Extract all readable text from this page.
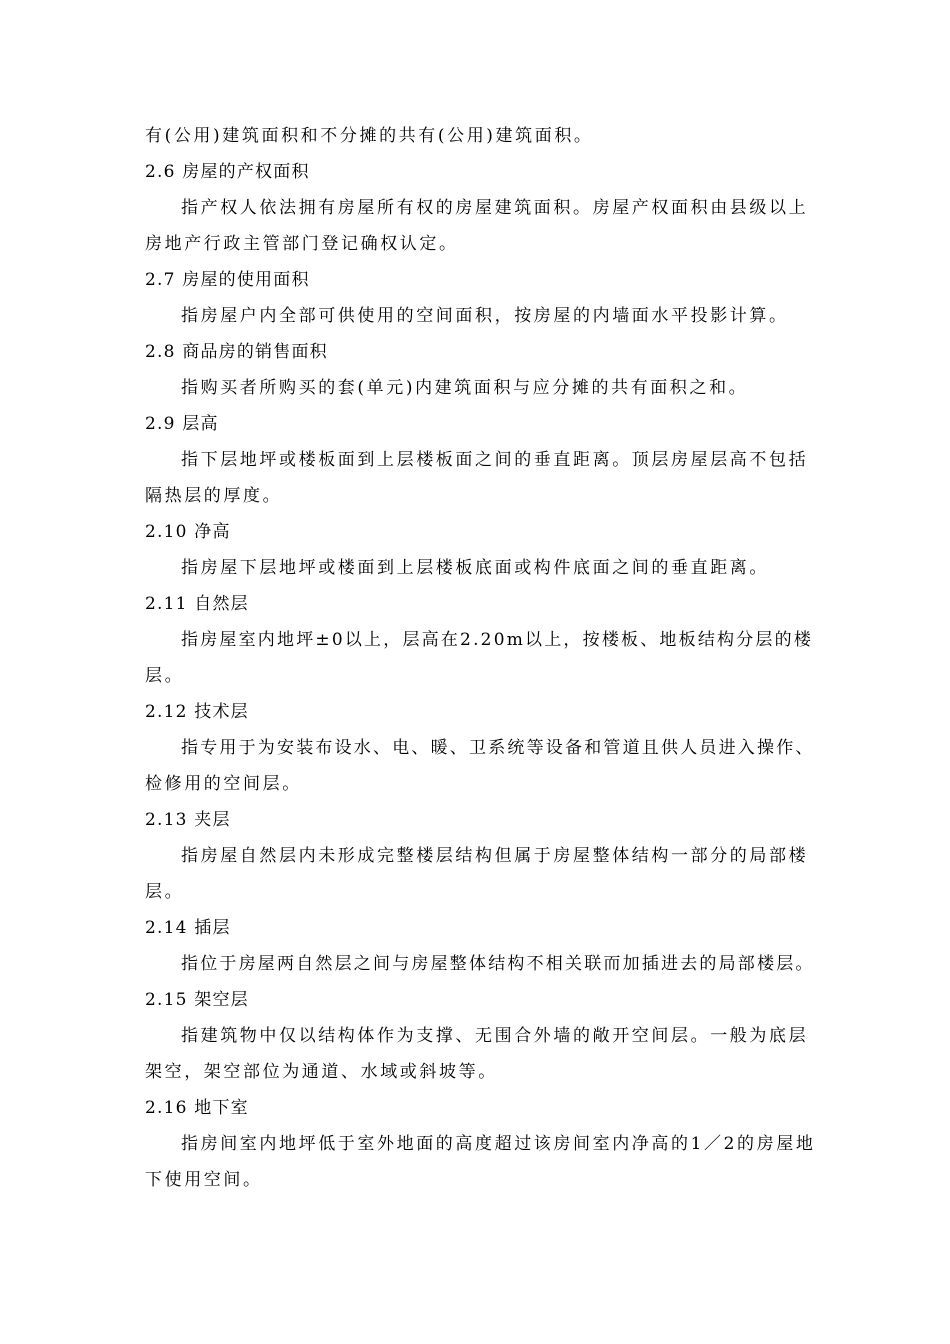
有(公用)建筑面积和不分摊的共有(公用)建筑面积。
2.6 房屋的产权面积
指产权人依法拥有房屋所有权的房屋建筑面积。房屋产权面积由县级以上
房地产行政主管部门登记确权认定。
2.7 房屋的使用面积
指房屋户内全部可供使用的空间面积，按房屋的内墙面水平投影计算。
2.8 商品房的销售面积
指购买者所购买的套(单元)内建筑面积与应分摊的共有面积之和。
2.9 层高
指下层地坪或楼板面到上层楼板面之间的垂直距离。顶层房屋层高不包括
隔热层的厚度。
2.10 净高
指房屋下层地坪或楼面到上层楼板底面或构件底面之间的垂直距离。
2.11 自然层
指房屋室内地坪±0以上，层高在2.20m以上，按楼板、地板结构分层的楼
层。
2.12 技术层
指专用于为安装布设水、电、暖、卫系统等设备和管道且供人员进入操作、
检修用的空间层。
2.13 夹层
指房屋自然层内未形成完整楼层结构但属于房屋整体结构一部分的局部楼
层。
2.14 插层
指位于房屋两自然层之间与房屋整体结构不相关联而加插进去的局部楼层。
2.15 架空层
指建筑物中仅以结构体作为支撑、无围合外墙的敞开空间层。一般为底层
架空，架空部位为通道、水域或斜坡等。
2.16 地下室
指房间室内地坪低于室外地面的高度超过该房间室内净高的1／2的房屋地
下使用空间。
